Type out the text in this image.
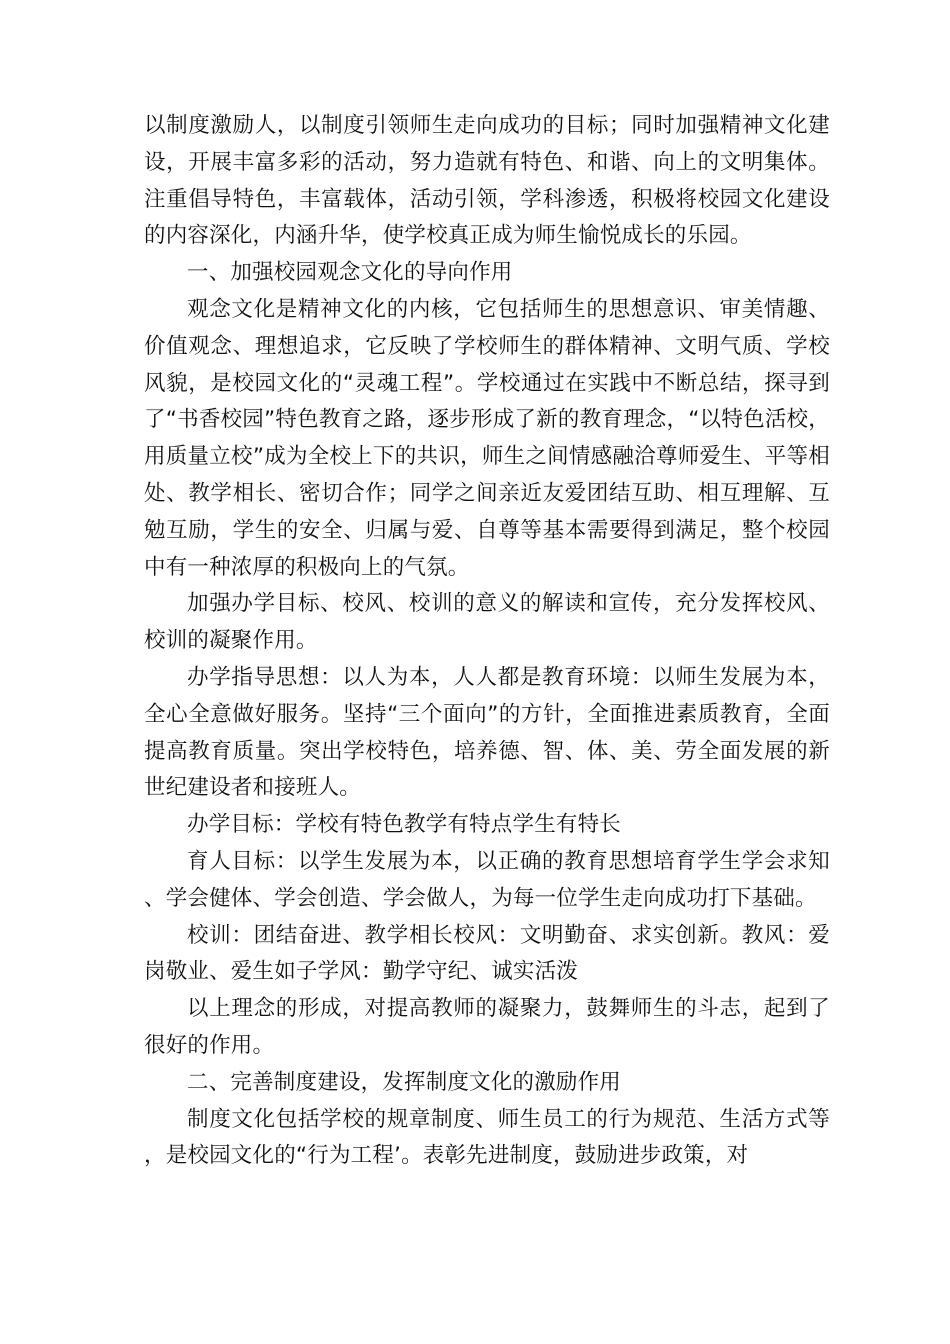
以制度激励人，以制度引领师生走向成功的目标；同时加强精神文化建设，开展丰富多彩的活动，努力造就有特色、和谐、向上的文明集体。注重倡导特色，丰富载体，活动引领，学科渗透，积极将校园文化建设的内容深化，内涵升华，使学校真正成为师生愉悦成长的乐园。

一、加强校园观念文化的导向作用

观念文化是精神文化的内核，它包括师生的思想意识、审美情趣、价值观念、理想追求，它反映了学校师生的群体精神、文明气质、学校风貌，是校园文化的“灵魂工程”。学校通过在实践中不断总结，探寻到了“书香校园”特色教育之路，逐步形成了新的教育理念，“以特色活校，用质量立校”成为全校上下的共识，师生之间情感融洽尊师爱生、平等相处、教学相长、密切合作；同学之间亲近友爱团结互助、相互理解、互勉互励，学生的安全、归属与爱、自尊等基本需要得到满足，整个校园中有一种浓厚的积极向上的气氛。

加强办学目标、校风、校训的意义的解读和宣传，充分发挥校风、校训的凝聚作用。

办学指导思想：以人为本，人人都是教育环境：以师生发展为本，全心全意做好服务。坚持“三个面向”的方针，全面推进素质教育，全面提高教育质量。突出学校特色，培养德、智、体、美、劳全面发展的新世纪建设者和接班人。

办学目标：学校有特色教学有特点学生有特长

育人目标：以学生发展为本，以正确的教育思想培育学生学会求知、学会健体、学会创造、学会做人，为每一位学生走向成功打下基础。

校训：团结奋进、教学相长校风：文明勤奋、求实创新。教风：爱岗敬业、爱生如子学风：勤学守纪、诚实活泼

以上理念的形成，对提高教师的凝聚力，鼓舞师生的斗志，起到了很好的作用。

二、完善制度建设，发挥制度文化的激励作用

制度文化包括学校的规章制度、师生员工的行为规范、生活方式等，是校园文化的“行为工程’。表彰先进制度，鼓励进步政策，对
